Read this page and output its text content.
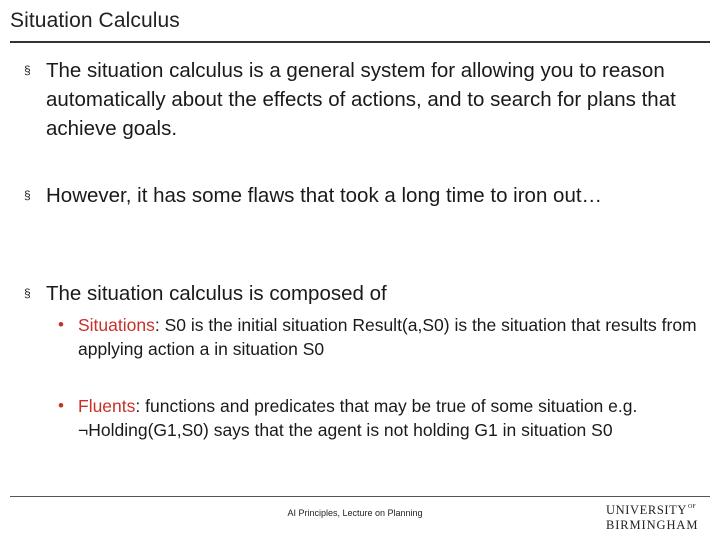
Situation Calculus
§ The situation calculus is a general system for allowing you to reason automatically about the effects of actions, and to search for plans that achieve goals.
§ However, it has some flaws that took a long time to iron out…
§ The situation calculus is composed of
• Situations: S0 is the initial situation Result(a,S0) is the situation that results from applying action a in situation S0
• Fluents: functions and predicates that may be true of some situation e.g. ¬Holding(G1,S0) says that the agent is not holding G1 in situation S0
AI Principles, Lecture on Planning	UNIVERSITY OF
BIRMINGHAM
